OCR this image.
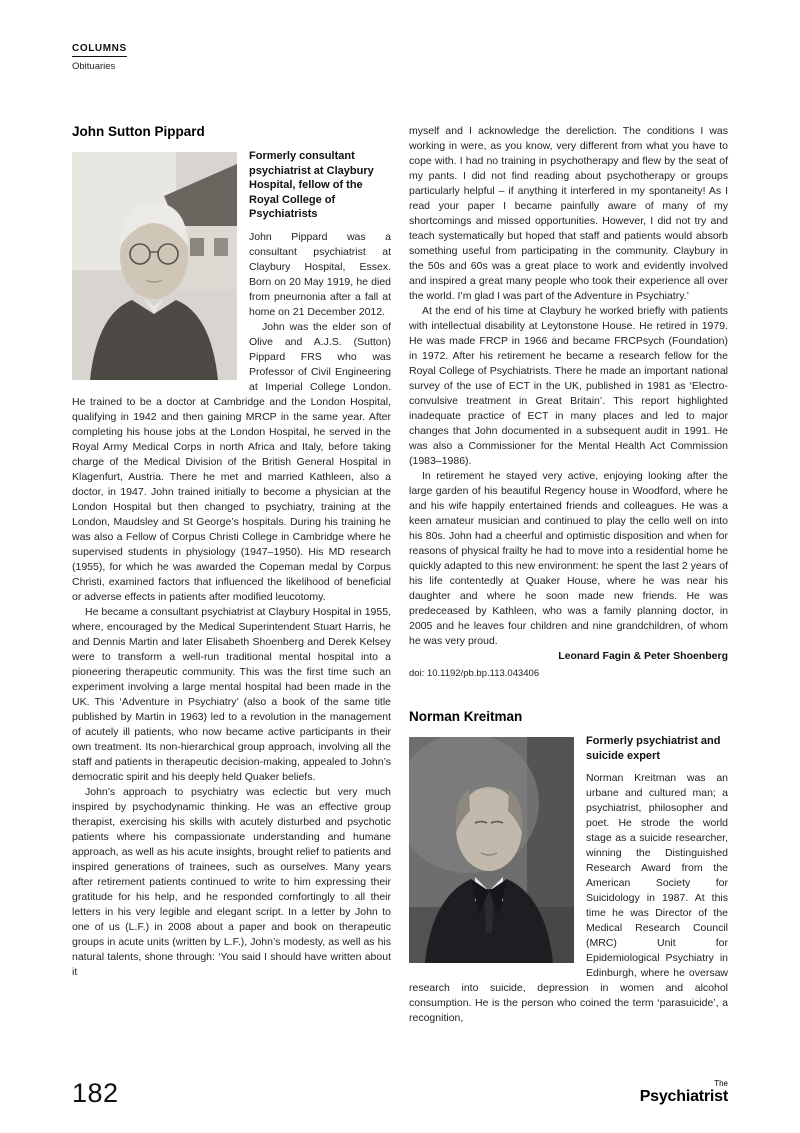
COLUMNS
Obituaries
John Sutton Pippard

Formerly consultant psychiatrist at Claybury Hospital, fellow of the Royal College of Psychiatrists

John Pippard was a consultant psychiatrist at Claybury Hospital, Essex. Born on 20 May 1919, he died from pneumonia after a fall at home on 21 December 2012.

John was the elder son of Olive and A.J.S. (Sutton) Pippard FRS who was Professor of Civil Engineering at Imperial College London. He trained to be a doctor at Cambridge and the London Hospital, qualifying in 1942 and then gaining MRCP in the same year. After completing his house jobs at the London Hospital, he served in the Royal Army Medical Corps in north Africa and Italy, before taking charge of the Medical Division of the British General Hospital in Klagenfurt, Austria. There he met and married Kathleen, also a doctor, in 1947. John trained initially to become a physician at the London Hospital but then changed to psychiatry, training at the London, Maudsley and St George’s hospitals. During his training he was also a Fellow of Corpus Christi College in Cambridge where he supervised students in physiology (1947–1950). His MD research (1955), for which he was awarded the Copeman medal by Corpus Christi, examined factors that influenced the likelihood of beneficial or adverse effects in patients after modified leucotomy.

He became a consultant psychiatrist at Claybury Hospital in 1955, where, encouraged by the Medical Superintendent Stuart Harris, he and Dennis Martin and later Elisabeth Shoenberg and Derek Kelsey were to transform a well-run traditional mental hospital into a pioneering therapeutic community. This was the first time such an experiment involving a large mental hospital had been made in the UK. This ‘Adventure in Psychiatry’ (also a book of the same title published by Martin in 1963) led to a revolution in the management of acutely ill patients, who now became active participants in their own treatment. Its non-hierarchical group approach, involving all the staff and patients in therapeutic decision-making, appealed to John’s democratic spirit and his deeply held Quaker beliefs.

John’s approach to psychiatry was eclectic but very much inspired by psychodynamic thinking. He was an effective group therapist, exercising his skills with acutely disturbed and psychotic patients where his compassionate understanding and humane approach, as well as his acute insights, brought relief to patients and inspired generations of trainees, such as ourselves. Many years after retirement patients continued to write to him expressing their gratitude for his help, and he responded comfortingly to all their letters in his very legible and elegant script. In a letter by John to one of us (L.F.) in 2008 about a paper and book on therapeutic groups in acute units (written by L.F.), John’s modesty, as well as his natural talents, shone through: ‘You said I should have written about it

myself and I acknowledge the dereliction. The conditions I was working in were, as you know, very different from what you have to cope with. I had no training in psychotherapy and flew by the seat of my pants. I did not find reading about psychotherapy or groups particularly helpful – if anything it interfered in my spontaneity! As I read your paper I became painfully aware of many of my shortcomings and missed opportunities. However, I did not try and teach systematically but hoped that staff and patients would absorb something useful from participating in the community. Claybury in the 50s and 60s was a great place to work and evidently involved and inspired a great many people who took their experience all over the world. I’m glad I was part of the Adventure in Psychiatry.’

At the end of his time at Claybury he worked briefly with patients with intellectual disability at Leytonstone House. He retired in 1979. He was made FRCP in 1966 and became FRCPsych (Foundation) in 1972. After his retirement he became a research fellow for the Royal College of Psychiatrists. There he made an important national survey of the use of ECT in the UK, published in 1981 as ‘Electro-convulsive treatment in Great Britain’. This report highlighted inadequate practice of ECT in many places and led to major changes that John documented in a subsequent audit in 1991. He was also a Commissioner for the Mental Health Act Commission (1983–1986).

In retirement he stayed very active, enjoying looking after the large garden of his beautiful Regency house in Woodford, where he and his wife happily entertained friends and colleagues. He was a keen amateur musician and continued to play the cello well on into his 80s. John had a cheerful and optimistic disposition and when for reasons of physical frailty he had to move into a residential home he quickly adapted to this new environment: he spent the last 2 years of his life contentedly at Quaker House, where he was near his daughter and where he soon made new friends. He was predeceased by Kathleen, who was a family planning doctor, in 2005 and he leaves four children and nine grandchildren, of whom he was very proud.

Leonard Fagin & Peter Shoenberg

doi: 10.1192/pb.bp.113.043406

Norman Kreitman

Formerly psychiatrist and suicide expert

Norman Kreitman was an urbane and cultured man; a psychiatrist, philosopher and poet. He strode the world stage as a suicide researcher, winning the Distinguished Research Award from the American Society for Suicidology in 1987. At this time he was Director of the Medical Research Council (MRC) Unit for Epidemiological Psychiatry in Edinburgh, where he oversaw research into suicide, depression in women and alcohol consumption. He is the person who coined the term ‘parasuicide’, a recognition,

182	The
Psychiatrist
